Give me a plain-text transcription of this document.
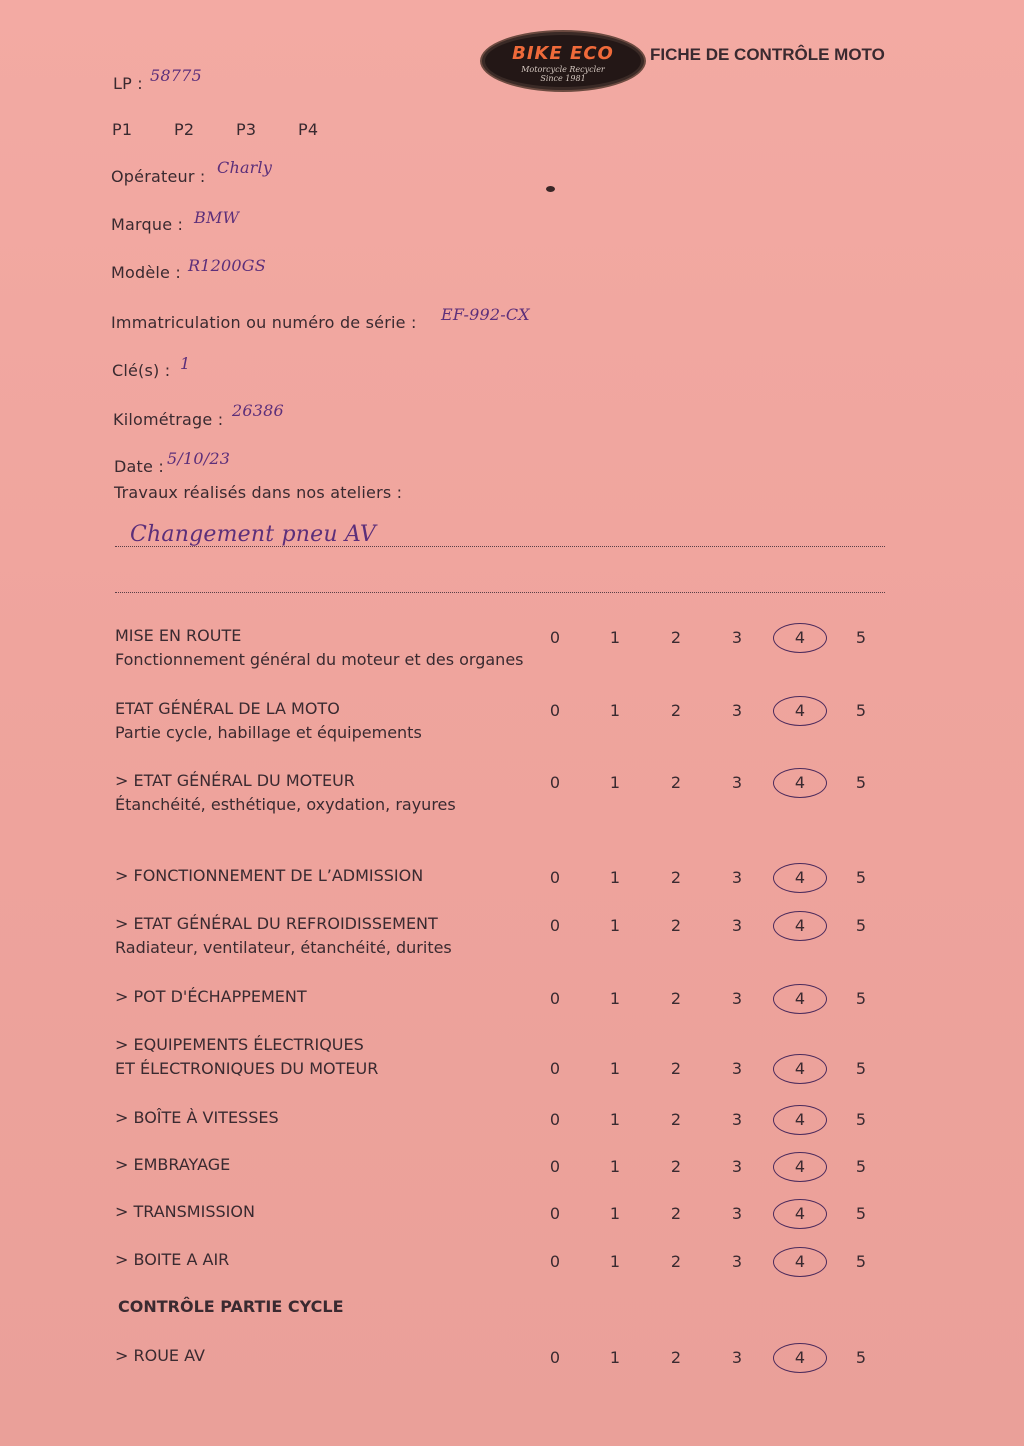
BIKE ECO
Motorcycle Recycler
Since 1981
FICHE DE CONTRÔLE MOTO
LP : 58775
P1	P2	P3	P4
Opérateur : Charly
Marque : BMW
Modèle : R1200GS
Immatriculation ou numéro de série : EF-992-CX
Clé(s) : 1
Kilométrage : 26386
Date : 5/10/23
Travaux réalisés dans nos ateliers :
Changement pneu AV
MISE EN ROUTE
Fonctionnement général du moteur et des organes
0	1	2	3	4	5
ETAT GÉNÉRAL DE LA MOTO
Partie cycle, habillage et équipements
0	1	2	3	4	5
> ETAT GÉNÉRAL DU MOTEUR
Étanchéité, esthétique, oxydation, rayures
0	1	2	3	4	5
> FONCTIONNEMENT DE L’ADMISSION	0	1	2	3	4	5
> ETAT GÉNÉRAL DU REFROIDISSEMENT
Radiateur, ventilateur, étanchéité, durites
0	1	2	3	4	5
> POT D'ÉCHAPPEMENT	0	1	2	3	4	5
> EQUIPEMENTS ÉLECTRIQUES
ET ÉLECTRONIQUES DU MOTEUR	0	1	2	3	4	5
> BOÎTE À VITESSES	0	1	2	3	4	5
> EMBRAYAGE	0	1	2	3	4	5
> TRANSMISSION	0	1	2	3	4	5
> BOITE A AIR	0	1	2	3	4	5
CONTRÔLE PARTIE CYCLE
> ROUE AV	0	1	2	3	4	5
